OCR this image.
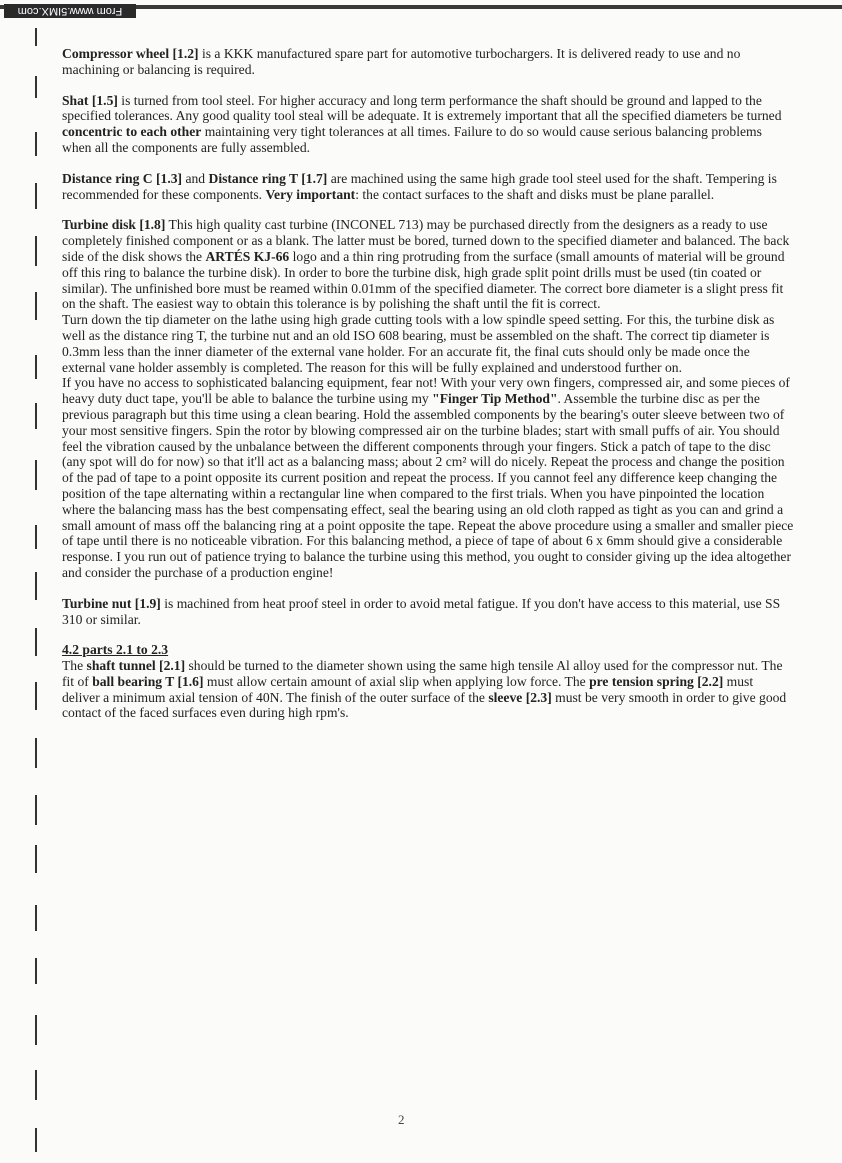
From www.5IMX.com

Compressor wheel [1.2] is a KKK manufactured spare part for automotive turbochargers. It is delivered ready to use and no machining or balancing is required.

Shat [1.5] is turned from tool steel. For higher accuracy and long term performance the shaft should be ground and lapped to the specified tolerances. Any good quality tool steal will be adequate. It is extremely important that all the specified diameters be turned concentric to each other maintaining very tight tolerances at all times. Failure to do so would cause serious balancing problems when all the components are fully assembled.

Distance ring C [1.3] and Distance ring T [1.7] are machined using the same high grade tool steel used for the shaft. Tempering is recommended for these components. Very important: the contact surfaces to the shaft and disks must be plane parallel.

Turbine disk [1.8] This high quality cast turbine (INCONEL 713) may be purchased directly from the designers as a ready to use completely finished component or as a blank. The latter must be bored, turned down to the specified diameter and balanced. The back side of the disk shows the ARTÉS KJ-66 logo and a thin ring protruding from the surface (small amounts of material will be ground off this ring to balance the turbine disk). In order to bore the turbine disk, high grade split point drills must be used (tin coated or similar). The unfinished bore must be reamed within 0.01mm of the specified diameter. The correct bore diameter is a slight press fit on the shaft. The easiest way to obtain this tolerance is by polishing the shaft until the fit is correct.

Turn down the tip diameter on the lathe using high grade cutting tools with a low spindle speed setting. For this, the turbine disk as well as the distance ring T, the turbine nut and an old ISO 608 bearing, must be assembled on the shaft. The correct tip diameter is 0.3mm less than the inner diameter of the external vane holder. For an accurate fit, the final cuts should only be made once the external vane holder assembly is completed. The reason for this will be fully explained and understood further on.

If you have no access to sophisticated balancing equipment, fear not! With your very own fingers, compressed air, and some pieces of heavy duty duct tape, you'll be able to balance the turbine using my "Finger Tip Method". Assemble the turbine disc as per the previous paragraph but this time using a clean bearing. Hold the assembled components by the bearing's outer sleeve between two of your most sensitive fingers. Spin the rotor by blowing compressed air on the turbine blades; start with small puffs of air. You should feel the vibration caused by the unbalance between the different components through your fingers. Stick a patch of tape to the disc (any spot will do for now) so that it'll act as a balancing mass; about 2 cm² will do nicely. Repeat the process and change the position of the pad of tape to a point opposite its current position and repeat the process. If you cannot feel any difference keep changing the position of the tape alternating within a rectangular line when compared to the first trials. When you have pinpointed the location where the balancing mass has the best compensating effect, seal the bearing using an old cloth rapped as tight as you can and grind a small amount of mass off the balancing ring at a point opposite the tape. Repeat the above procedure using a smaller and smaller piece of tape until there is no noticeable vibration. For this balancing method, a piece of tape of about 6 x 6mm should give a considerable response. I you run out of patience trying to balance the turbine using this method, you ought to consider giving up the idea altogether and consider the purchase of a production engine!

Turbine nut [1.9] is machined from heat proof steel in order to avoid metal fatigue. If you don't have access to this material, use SS 310 or similar.

4.2 parts 2.1 to 2.3

The shaft tunnel [2.1] should be turned to the diameter shown using the same high tensile Al alloy used for the compressor nut. The fit of ball bearing T [1.6] must allow certain amount of axial slip when applying low force. The pre tension spring [2.2] must deliver a minimum axial tension of 40N. The finish of the outer surface of the sleeve [2.3] must be very smooth in order to give good contact of the faced surfaces even during high rpm's.

2
